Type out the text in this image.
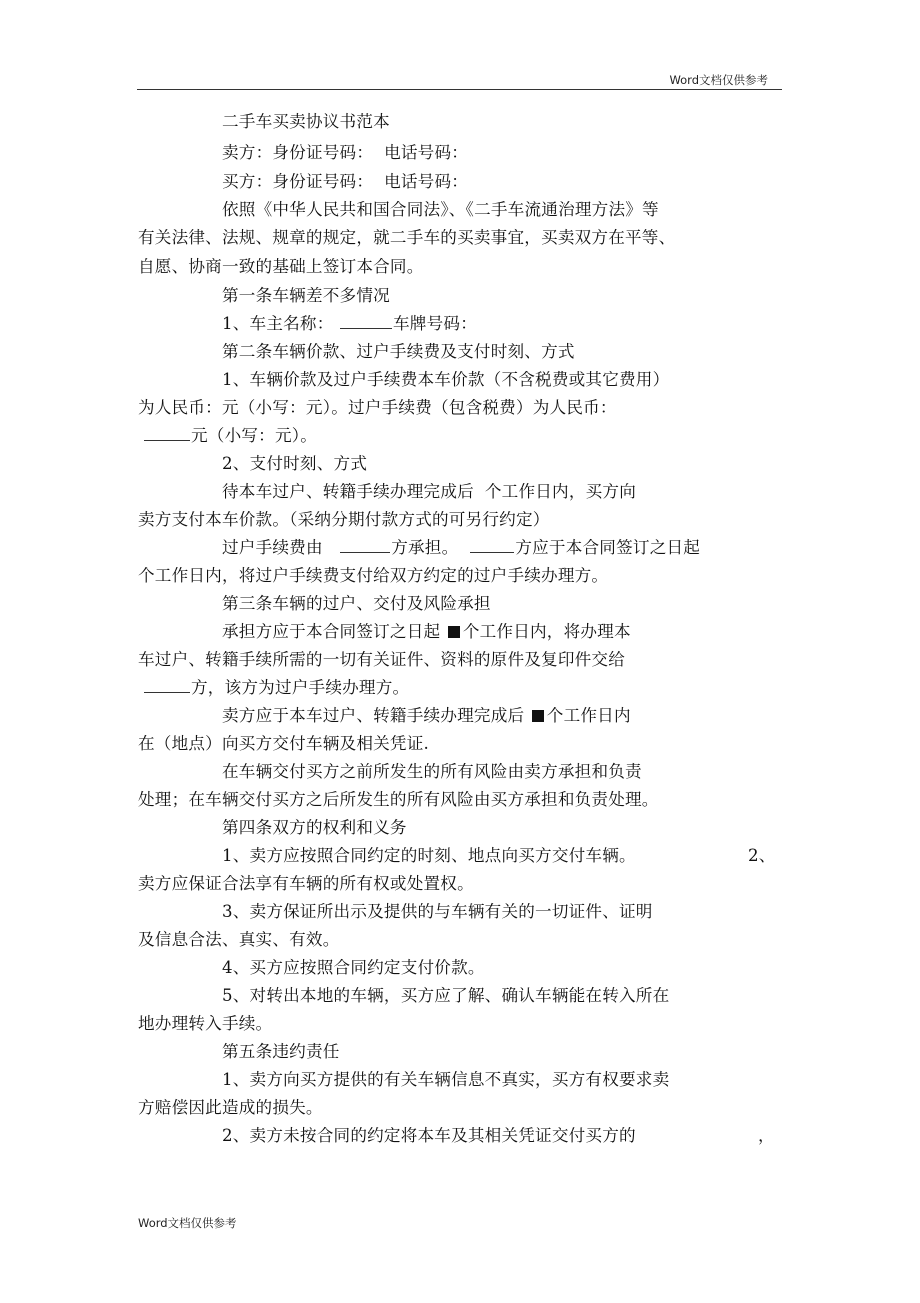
Word文档仅供参考
二手车买卖协议书范本
卖方：身份证号码：  电话号码：
买方：身份证号码：  电话号码：
依照《中华人民共和国合同法》、《二手车流通治理方法》等
有关法律、法规、规章的规定，就二手车的买卖事宜，买卖双方在平等、
自愿、协商一致的基础上签订本合同。
第一条车辆差不多情况
1、车主名称：	车牌号码：
第二条车辆价款、过户手续费及支付时刻、方式
1、车辆价款及过户手续费本车价款（不含税费或其它费用）
为人民币：元（小写：元）。过户手续费（包含税费）为人民币：
元（小写：元）。
2、支付时刻、方式
待本车过户、转籍手续办理完成后  个工作日内，买方向
卖方支付本车价款。（采纳分期付款方式的可另行约定）
过户手续费由	方承担。	方应于本合同签订之日起
个工作日内，将过户手续费支付给双方约定的过户手续办理方。
第三条车辆的过户、交付及风险承担
承担方应于本合同签订之日起 个工作日内，将办理本
车过户、转籍手续所需的一切有关证件、资料的原件及复印件交给
方，该方为过户手续办理方。
卖方应于本车过户、转籍手续办理完成后 个工作日内
在（地点）向买方交付车辆及相关凭证.
在车辆交付买方之前所发生的所有风险由卖方承担和负责
处理；在车辆交付买方之后所发生的所有风险由买方承担和负责处理。
第四条双方的权利和义务
1、卖方应按照合同约定的时刻、地点向买方交付车辆。	2、
卖方应保证合法享有车辆的所有权或处置权。
3、卖方保证所出示及提供的与车辆有关的一切证件、证明
及信息合法、真实、有效。
4、买方应按照合同约定支付价款。
5、对转出本地的车辆，买方应了解、确认车辆能在转入所在
地办理转入手续。
第五条违约责任
1、卖方向买方提供的有关车辆信息不真实，买方有权要求卖
方赔偿因此造成的损失。
2、卖方未按合同的约定将本车及其相关凭证交付买方的	，
Word文档仅供参考
